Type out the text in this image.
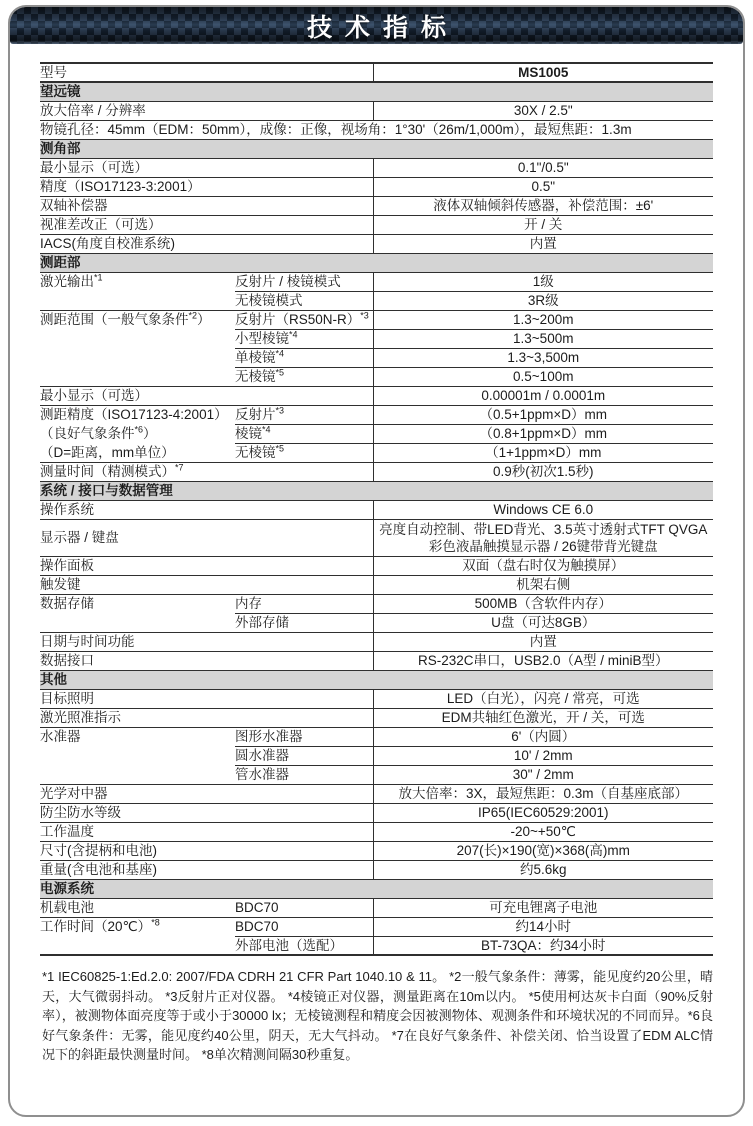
技术指标
型号		MS1005
望远镜		
放大倍率 / 分辨率		30X / 2.5"
物镜孔径：45mm（EDM：50mm），成像：正像，视场角：1°30'（26m/1,000m），最短焦距：1.3m		
测角部		
最小显示（可选）		0.1"/0.5"
精度（ISO17123-3:2001）		0.5"
双轴补偿器		液体双轴倾斜传感器，补偿范围：±6'
视准差改正（可选）		开 / 关
IACS(角度自校准系统)		内置
测距部		
激光输出$^{*1}$	反射片 / 棱镜模式	1级
	无棱镜模式	3R级
测距范围（一般气象条件$^{*2}$）	反射片$(RS50N-R)^{*3}$	1.3~200m
	小型棱镜$^{*4}$	1.3~500m
	单棱镜$^{*4}$	1.3~3,500m
	无棱镜$^{*5}$	0.5~100m
最小显示（可选）		0.00001m / 0.0001m
测距精度（ISO17123-4:2001）	反射片$^{*3}$	（0.5+1ppm×D）mm
（良好气象条件$^{*6}$）	棱镜$^{*4}$	（0.8+1ppm×D）mm
（D=距离，mm单位）	无棱镜$^{*5}$	（1+1ppm×D）mm
测量时间（精测模式）$^{*7}$		0.9秒(初次1.5秒)
系统 / 接口与数据管理		
操作系统		Windows CE 6.0
显示器 / 键盘		亮度自动控制、带LED背光、3.5英寸透射式TFT QVGA彩色液晶触摸显示器 / 26键带背光键盘
操作面板		双面（盘右时仅为触摸屏）
触发键		机架右侧
数据存储	内存	500MB（含软件内存）
	外部存储	U盘（可达8GB）
日期与时间功能		内置
数据接口		RS-232C串口，USB2.0（A型 / miniB型）
其他		
目标照明		LED（白光），闪亮 / 常亮，可选
激光照准指示		EDM共轴红色激光，开 / 关，可选
水准器	图形水准器	6'（内圆）
	圆水准器	10' / 2mm
	管水准器	30" / 2mm
光学对中器		放大倍率：3X，最短焦距：0.3m（自基座底部）
防尘防水等级		IP65(IEC60529:2001)
工作温度		-20~+50℃
尺寸(含提柄和电池)		207(长)×190(宽)×368(高)mm
重量(含电池和基座)		约5.6kg
电源系统		
机载电池	BDC70	可充电锂离子电池
工作时间（20℃）$^{*8}$	BDC70	约14小时
	外部电池（选配）	BT-73QA：约34小时

*1 IEC60825-1:Ed.2.0: 2007/FDA CDRH 21 CFR Part 1040.10 & 11。 *2一般气象条件：薄雾，能见度约20公里，晴天，大气微弱抖动。 *3反射片正对仪器。 *4棱镜正对仪器，测量距离在10m以内。 *5使用柯达灰卡白面（90%反射率），被测物体面亮度等于或小于30000 lx；无棱镜测程和精度会因被测物体、观测条件和环境状况的不同而异。*6良好气象条件：无雾，能见度约40公里，阴天，无大气抖动。 *7在良好气象条件、补偿关闭、恰当设置了EDM ALC情况下的斜距最快测量时间。 *8单次精测间隔30秒重复。
